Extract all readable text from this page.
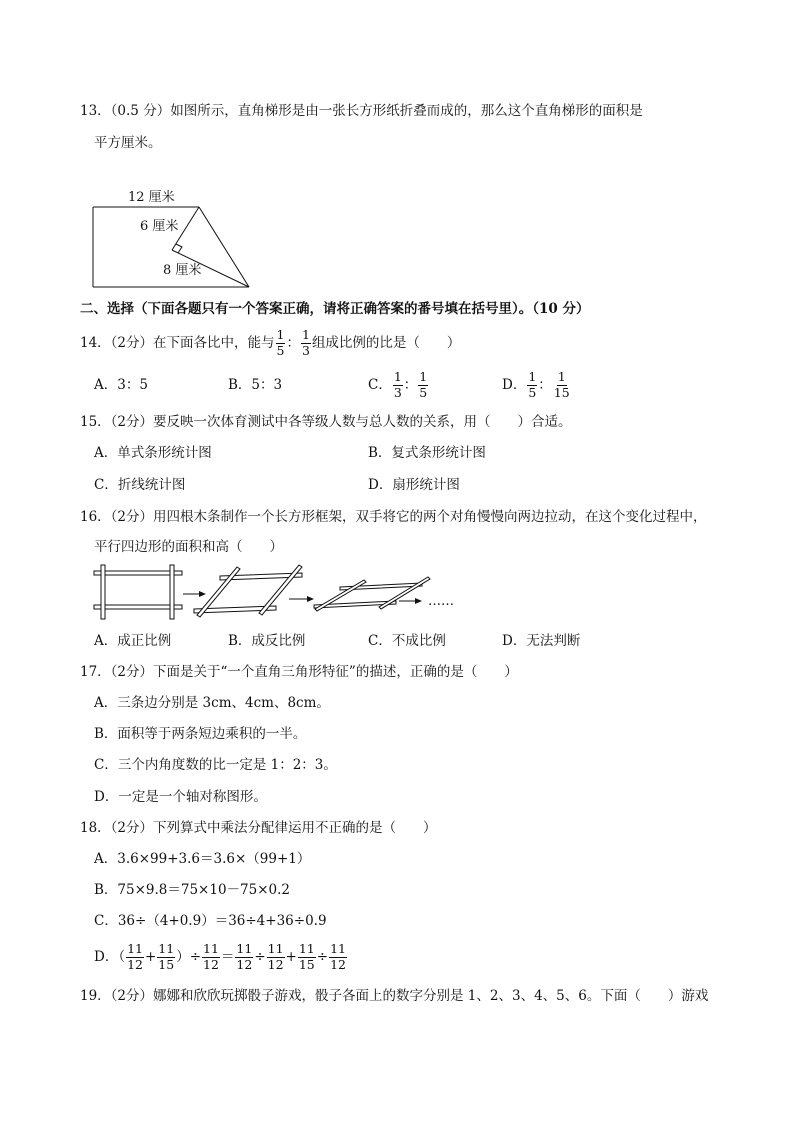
13．（0.5 分）如图所示，直角梯形是由一张长方形纸折叠而成的，那么这个直角梯形的面积是
平方厘米。
12 厘米
6 厘米
8 厘米
二、选择（下面各题只有一个答案正确，请将正确答案的番号填在括号里）。（10 分）
14．（2分）在下面各比中，能与 $\frac{1}{5}$ ： $\frac{1}{3}$ 组成比例的比是（　　）
A．3：5	B．5：3	C． $\frac{1}{3}$ ： $\frac{1}{5}$	D． $\frac{1}{5}$ ： $\frac{1}{15}$
15．（2分）要反映一次体育测试中各等级人数与总人数的关系，用（　　）合适。
A．单式条形统计图	B．复式条形统计图
C．折线统计图	D．扇形统计图
16．（2分）用四根木条制作一个长方形框架，双手将它的两个对角慢慢向两边拉动，在这个变化过程中，
平行四边形的面积和高（　　）
……
A．成正比例	B．成反比例	C．不成比例	D．无法判断
17．（2分）下面是关于“一个直角三角形特征”的描述，正确的是（　　）
A．三条边分别是 3cm、4cm、8cm。
B．面积等于两条短边乘积的一半。
C．三个内角度数的比一定是 1：2：3。
D．一定是一个轴对称图形。
18．（2分）下列算式中乘法分配律运用不正确的是（　　）
A．3.6×99+3.6＝3.6×（99+1）
B．75×9.8＝75×10－75×0.2
C．36÷（4+0.9）＝36÷4+36÷0.9
D．（ $\frac{11}{12} + \frac{11}{15}$ ）÷ $\frac{11}{12} = \frac{11}{12} \div \frac{11}{12} + \frac{11}{15} \div \frac{11}{12}$
19．（2分）娜娜和欣欣玩掷骰子游戏，骰子各面上的数字分别是 1、2、3、4、5、6。下面（　　）游戏
